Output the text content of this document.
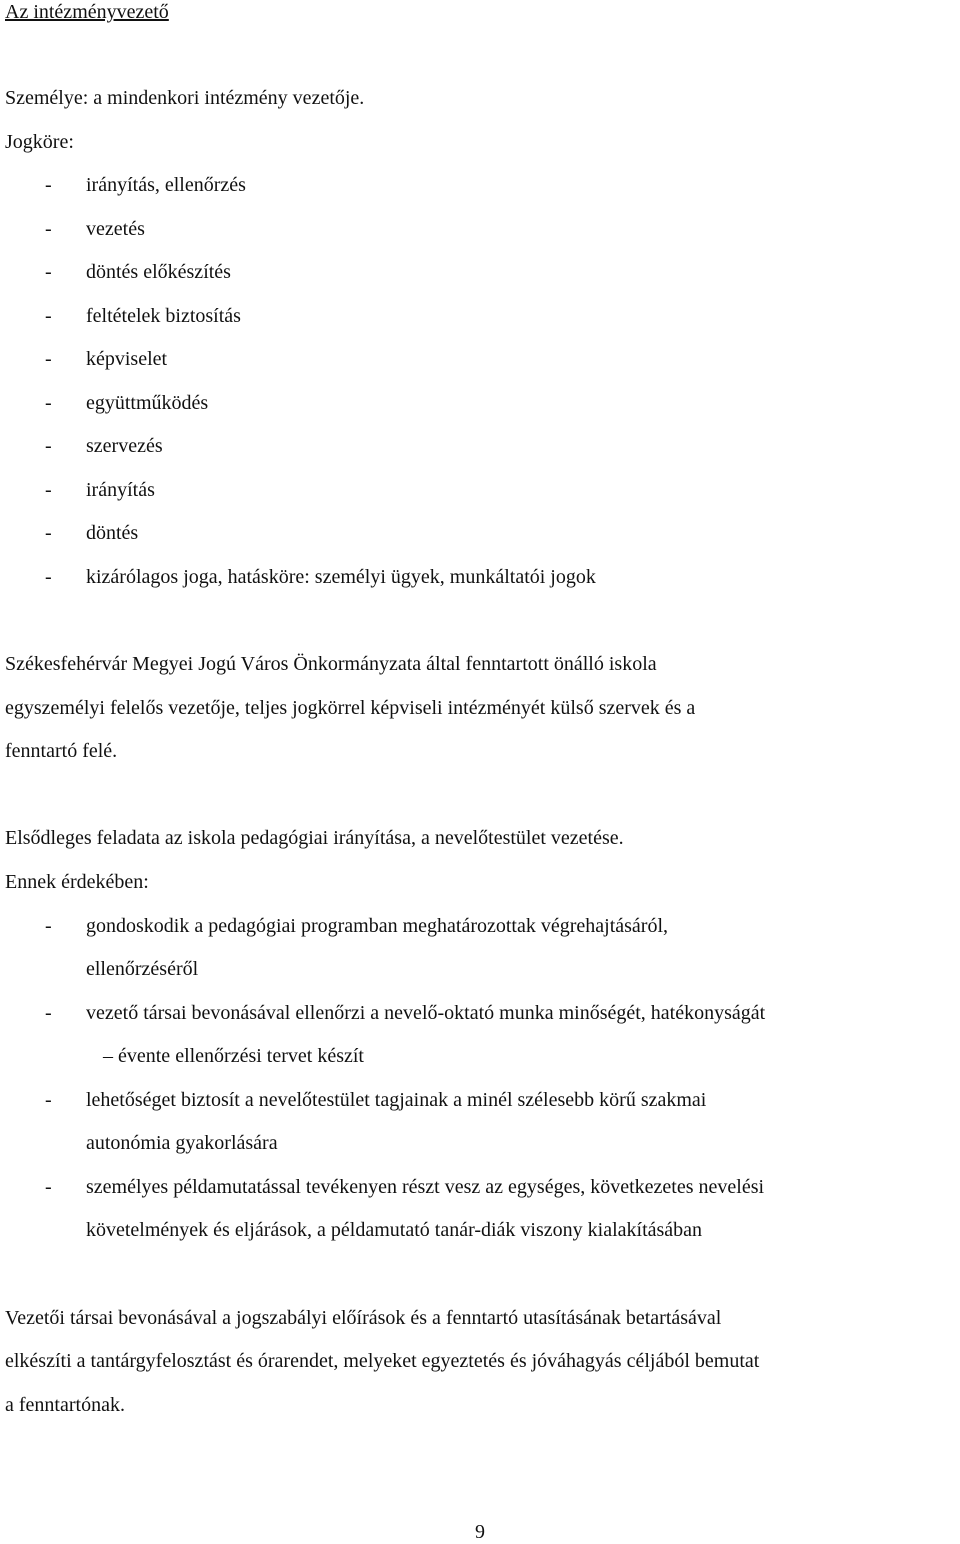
Az intézményvezető
Személye: a mindenkori intézmény vezetője.
Jogköre:
- irányítás, ellenőrzés
- vezetés
- döntés előkészítés
- feltételek biztosítás
- képviselet
- együttműködés
- szervezés
- irányítás
- döntés
- kizárólagos joga, hatásköre: személyi ügyek, munkáltatói jogok
Székesfehérvár Megyei Jogú Város Önkormányzata által fenntartott önálló iskola
egyszemélyi felelős vezetője, teljes jogkörrel képviseli intézményét külső szervek és a
fenntartó felé.
Elsődleges feladata az iskola pedagógiai irányítása, a nevelőtestület vezetése.
Ennek érdekében:
- gondoskodik a pedagógiai programban meghatározottak végrehajtásáról,
ellenőrzéséről
- vezető társai bevonásával ellenőrzi a nevelő-oktató munka minőségét, hatékonyságát
– évente ellenőrzési tervet készít
- lehetőséget biztosít a nevelőtestület tagjainak a minél szélesebb körű szakmai
autonómia gyakorlására
- személyes példamutatással tevékenyen részt vesz az egységes, következetes nevelési
követelmények és eljárások, a példamutató tanár-diák viszony kialakításában
Vezetői társai bevonásával a jogszabályi előírások és a fenntartó utasításának betartásával
elkészíti a tantárgyfelosztást és órarendet, melyeket egyeztetés és jóváhagyás céljából bemutat
a fenntartónak.
9
